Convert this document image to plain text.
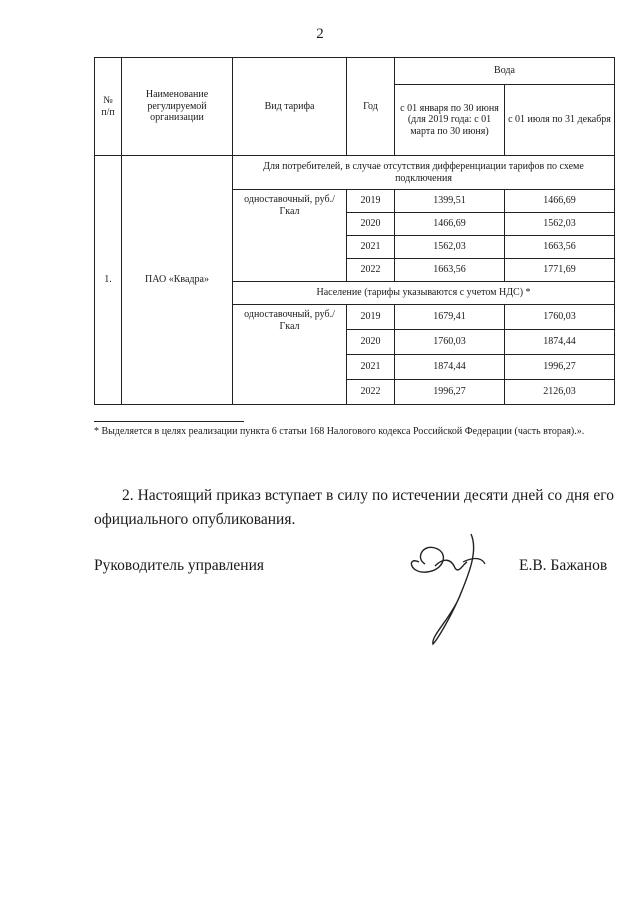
2
№ п/п	Наименование регулируемой организации	Вид тарифа	Год	Вода	
				с 01 января по 30 июня (для 2019 года: с 01 марта по 30 июня)	с 01 июля по 31 декабря
1.	ПАО «Квадра»	Для потребителей, в случае отсутствия дифференциации тарифов по схеме подключения			
		одноставочный, руб./Гкал	2019	1399,51	1466,69
			2020	1466,69	1562,03
			2021	1562,03	1663,56
			2022	1663,56	1771,69
		Население (тарифы указываются с учетом НДС) *			
		одноставочный, руб./Гкал	2019	1679,41	1760,03
			2020	1760,03	1874,44
			2021	1874,44	1996,27
			2022	1996,27	2126,03
* Выделяется в целях реализации пункта 6 статьи 168 Налогового кодекса Российской Федерации (часть вторая).».
2. Настоящий приказ вступает в силу по истечении десяти дней со дня его официального опубликования.
Руководитель управления	Е.В. Бажанов
